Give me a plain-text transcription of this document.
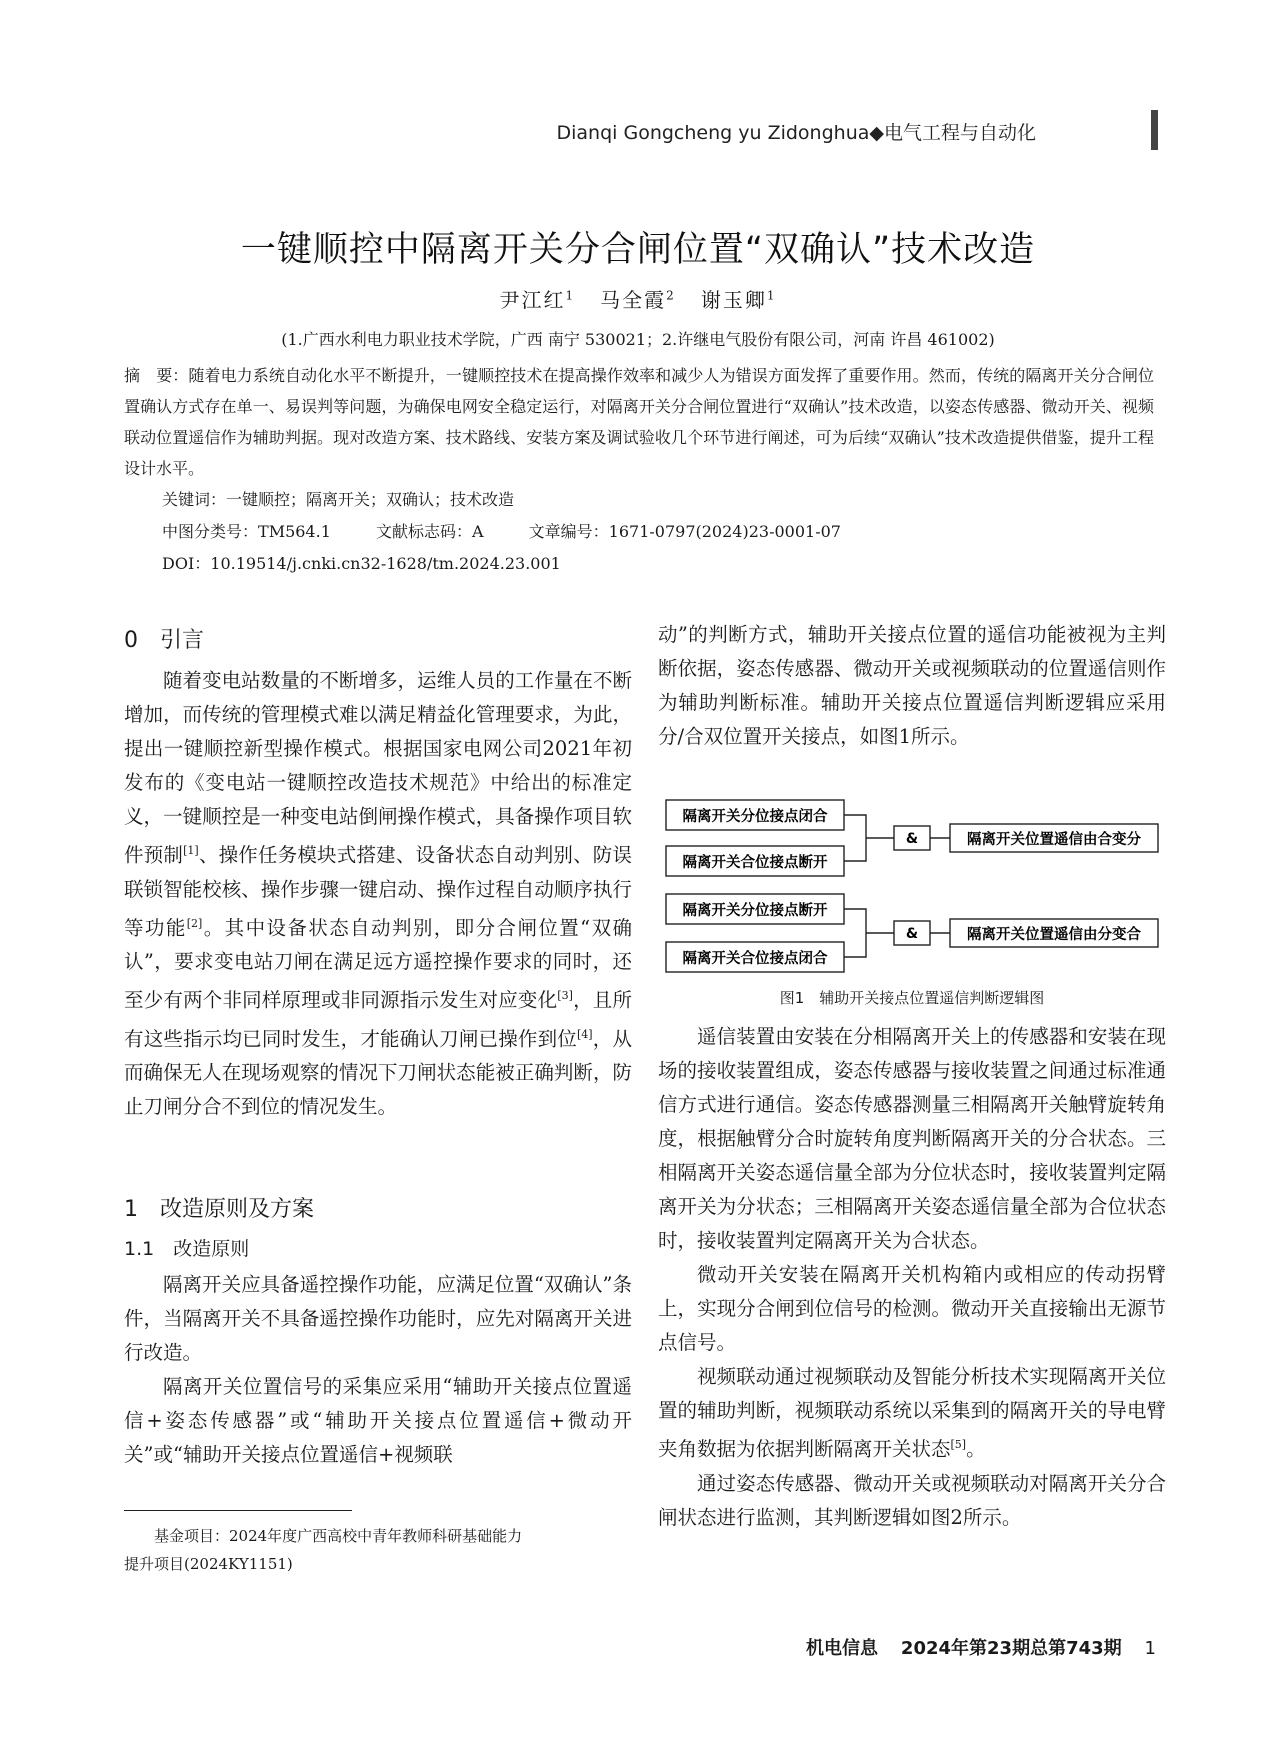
Dianqi Gongcheng yu Zidonghua◆电气工程与自动化
一键顺控中隔离开关分合闸位置“双确认”技术改造
尹江红$^1$ 马全霞$^2$ 谢玉卿$^1$
(1.广西水利电力职业技术学院，广西 南宁 530021；2.许继电气股份有限公司，河南 许昌 461002)
摘　要：随着电力系统自动化水平不断提升，一键顺控技术在提高操作效率和减少人为错误方面发挥了重要作用。然而，传统的隔离开关分合闸位置确认方式存在单一、易误判等问题，为确保电网安全稳定运行，对隔离开关分合闸位置进行“双确认”技术改造，以姿态传感器、微动开关、视频联动位置遥信作为辅助判据。现对改造方案、技术路线、安装方案及调试验收几个环节进行阐述，可为后续“双确认”技术改造提供借鉴，提升工程设计水平。
关键词：一键顺控；隔离开关；双确认；技术改造
中图分类号：TM564.1	文献标志码：A	文章编号：1671-0797(2024)23-0001-07
DOI：10.19514/j.cnki.cn32-1628/tm.2024.23.001
0　引言

随着变电站数量的不断增多，运维人员的工作量在不断增加，而传统的管理模式难以满足精益化管理要求，为此，提出一键顺控新型操作模式。根据国家电网公司2021年初发布的《变电站一键顺控改造技术规范》中给出的标准定义，一键顺控是一种变电站倒闸操作模式，具备操作项目软件预制[1]、操作任务模块式搭建、设备状态自动判别、防误联锁智能校核、操作步骤一键启动、操作过程自动顺序执行等功能[2]。其中设备状态自动判别，即分合闸位置“双确认”，要求变电站刀闸在满足远方遥控操作要求的同时，还至少有两个非同样原理或非同源指示发生对应变化[3]，且所有这些指示均已同时发生，才能确认刀闸已操作到位[4]，从而确保无人在现场观察的情况下刀闸状态能被正确判断，防止刀闸分合不到位的情况发生。

1　改造原则及方案
1.1　改造原则

隔离开关应具备遥控操作功能，应满足位置“双确认”条件，当隔离开关不具备遥控操作功能时，应先对隔离开关进行改造。

隔离开关位置信号的采集应采用“辅助开关接点位置遥信+姿态传感器”或“辅助开关接点位置遥信+微动开关”或“辅助开关接点位置遥信+视频联

基金项目：2024年度广西高校中青年教师科研基础能力
提升项目(2024KY1151)

动”的判断方式，辅助开关接点位置的遥信功能被视为主判断依据，姿态传感器、微动开关或视频联动的位置遥信则作为辅助判断标准。辅助开关接点位置遥信判断逻辑应采用分/合双位置开关接点，如图1所示。

隔离开关分位接点闭合
隔离开关合位接点断开
&	隔离开关位置遥信由合变分
隔离开关分位接点断开
隔离开关合位接点闭合
&	隔离开关位置遥信由分变合
图1　辅助开关接点位置遥信判断逻辑图

遥信装置由安装在分相隔离开关上的传感器和安装在现场的接收装置组成，姿态传感器与接收装置之间通过标准通信方式进行通信。姿态传感器测量三相隔离开关触臂旋转角度，根据触臂分合时旋转角度判断隔离开关的分合状态。三相隔离开关姿态遥信量全部为分位状态时，接收装置判定隔离开关为分状态；三相隔离开关姿态遥信量全部为合位状态时，接收装置判定隔离开关为合状态。

微动开关安装在隔离开关机构箱内或相应的传动拐臂上，实现分合闸到位信号的检测。微动开关直接输出无源节点信号。

视频联动通过视频联动及智能分析技术实现隔离开关位置的辅助判断，视频联动系统以采集到的隔离开关的导电臂夹角数据为依据判断隔离开关状态[5]。

通过姿态传感器、微动开关或视频联动对隔离开关分合闸状态进行监测，其判断逻辑如图2所示。

机电信息 2024年第23期总第743期 1
